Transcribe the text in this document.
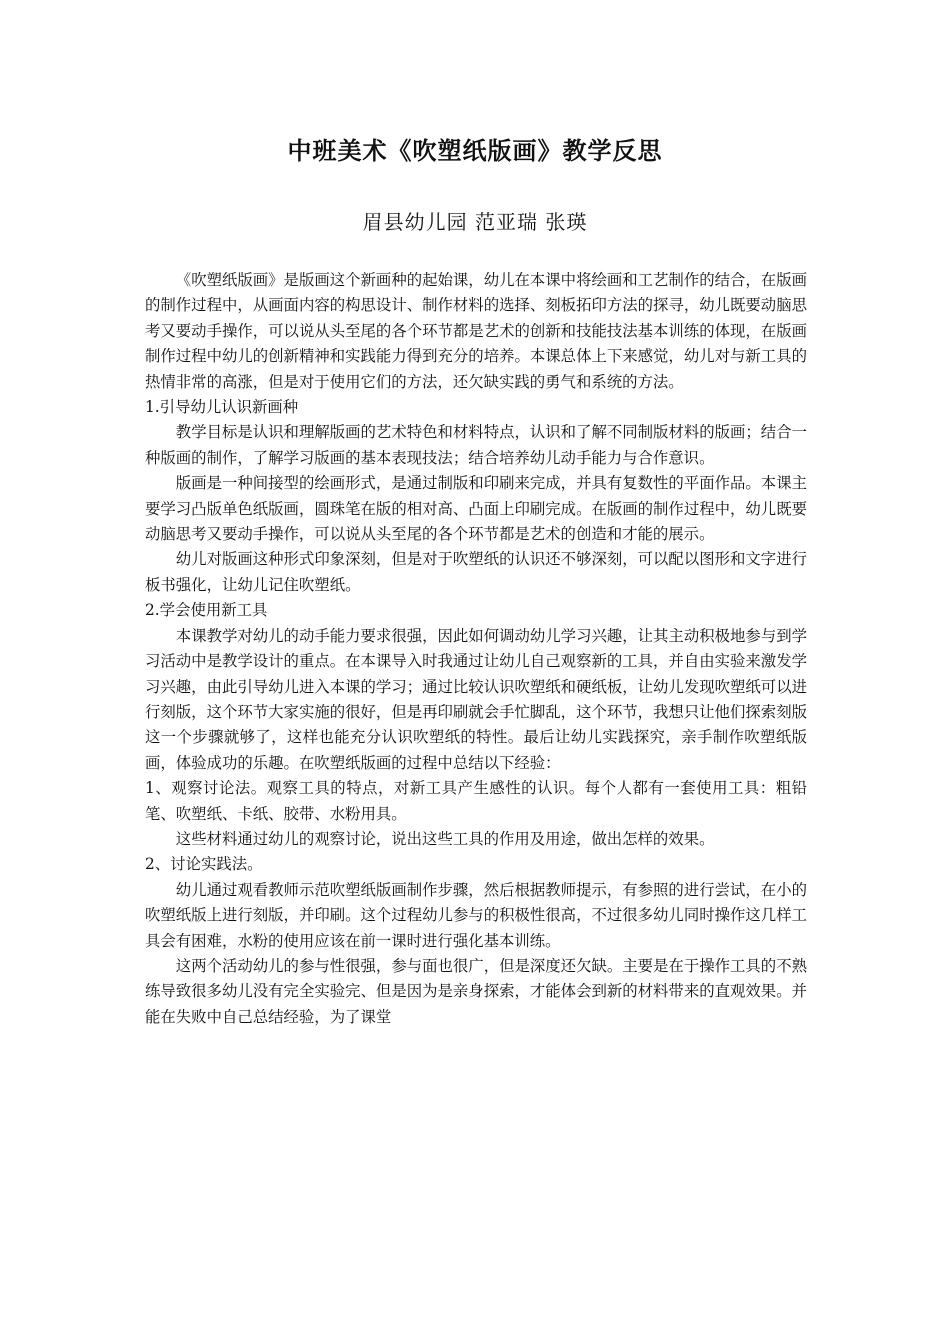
中班美术《吹塑纸版画》教学反思
眉县幼儿园 范亚瑞 张瑛

《吹塑纸版画》是版画这个新画种的起始课，幼儿在本课中将绘画和工艺制作的结合，在版画的制作过程中，从画面内容的构思设计、制作材料的选择、刻板拓印方法的探寻，幼儿既要动脑思考又要动手操作，可以说从头至尾的各个环节都是艺术的创新和技能技法基本训练的体现，在版画制作过程中幼儿的创新精神和实践能力得到充分的培养。本课总体上下来感觉，幼儿对与新工具的热情非常的高涨，但是对于使用它们的方法，还欠缺实践的勇气和系统的方法。

1.引导幼儿认识新画种

教学目标是认识和理解版画的艺术特色和材料特点，认识和了解不同制版材料的版画；结合一种版画的制作，了解学习版画的基本表现技法；结合培养幼儿动手能力与合作意识。

版画是一种间接型的绘画形式，是通过制版和印刷来完成，并具有复数性的平面作品。本课主要学习凸版单色纸版画，圆珠笔在版的相对高、凸面上印刷完成。在版画的制作过程中，幼儿既要动脑思考又要动手操作，可以说从头至尾的各个环节都是艺术的创造和才能的展示。

幼儿对版画这种形式印象深刻，但是对于吹塑纸的认识还不够深刻，可以配以图形和文字进行板书强化，让幼儿记住吹塑纸。

2.学会使用新工具

本课教学对幼儿的动手能力要求很强，因此如何调动幼儿学习兴趣，让其主动积极地参与到学习活动中是教学设计的重点。在本课导入时我通过让幼儿自己观察新的工具，并自由实验来激发学习兴趣，由此引导幼儿进入本课的学习；通过比较认识吹塑纸和硬纸板，让幼儿发现吹塑纸可以进行刻版，这个环节大家实施的很好，但是再印刷就会手忙脚乱，这个环节，我想只让他们探索刻版这一个步骤就够了，这样也能充分认识吹塑纸的特性。最后让幼儿实践探究，亲手制作吹塑纸版画，体验成功的乐趣。在吹塑纸版画的过程中总结以下经验：

1、观察讨论法。观察工具的特点，对新工具产生感性的认识。每个人都有一套使用工具：粗铅笔、吹塑纸、卡纸、胶带、水粉用具。

这些材料通过幼儿的观察讨论，说出这些工具的作用及用途，做出怎样的效果。

2、讨论实践法。

幼儿通过观看教师示范吹塑纸版画制作步骤，然后根据教师提示，有参照的进行尝试，在小的吹塑纸版上进行刻版，并印刷。这个过程幼儿参与的积极性很高，不过很多幼儿同时操作这几样工具会有困难，水粉的使用应该在前一课时进行强化基本训练。

这两个活动幼儿的参与性很强，参与面也很广，但是深度还欠缺。主要是在于操作工具的不熟练导致很多幼儿没有完全实验完、但是因为是亲身探索，才能体会到新的材料带来的直观效果。并能在失败中自己总结经验，为了课堂
